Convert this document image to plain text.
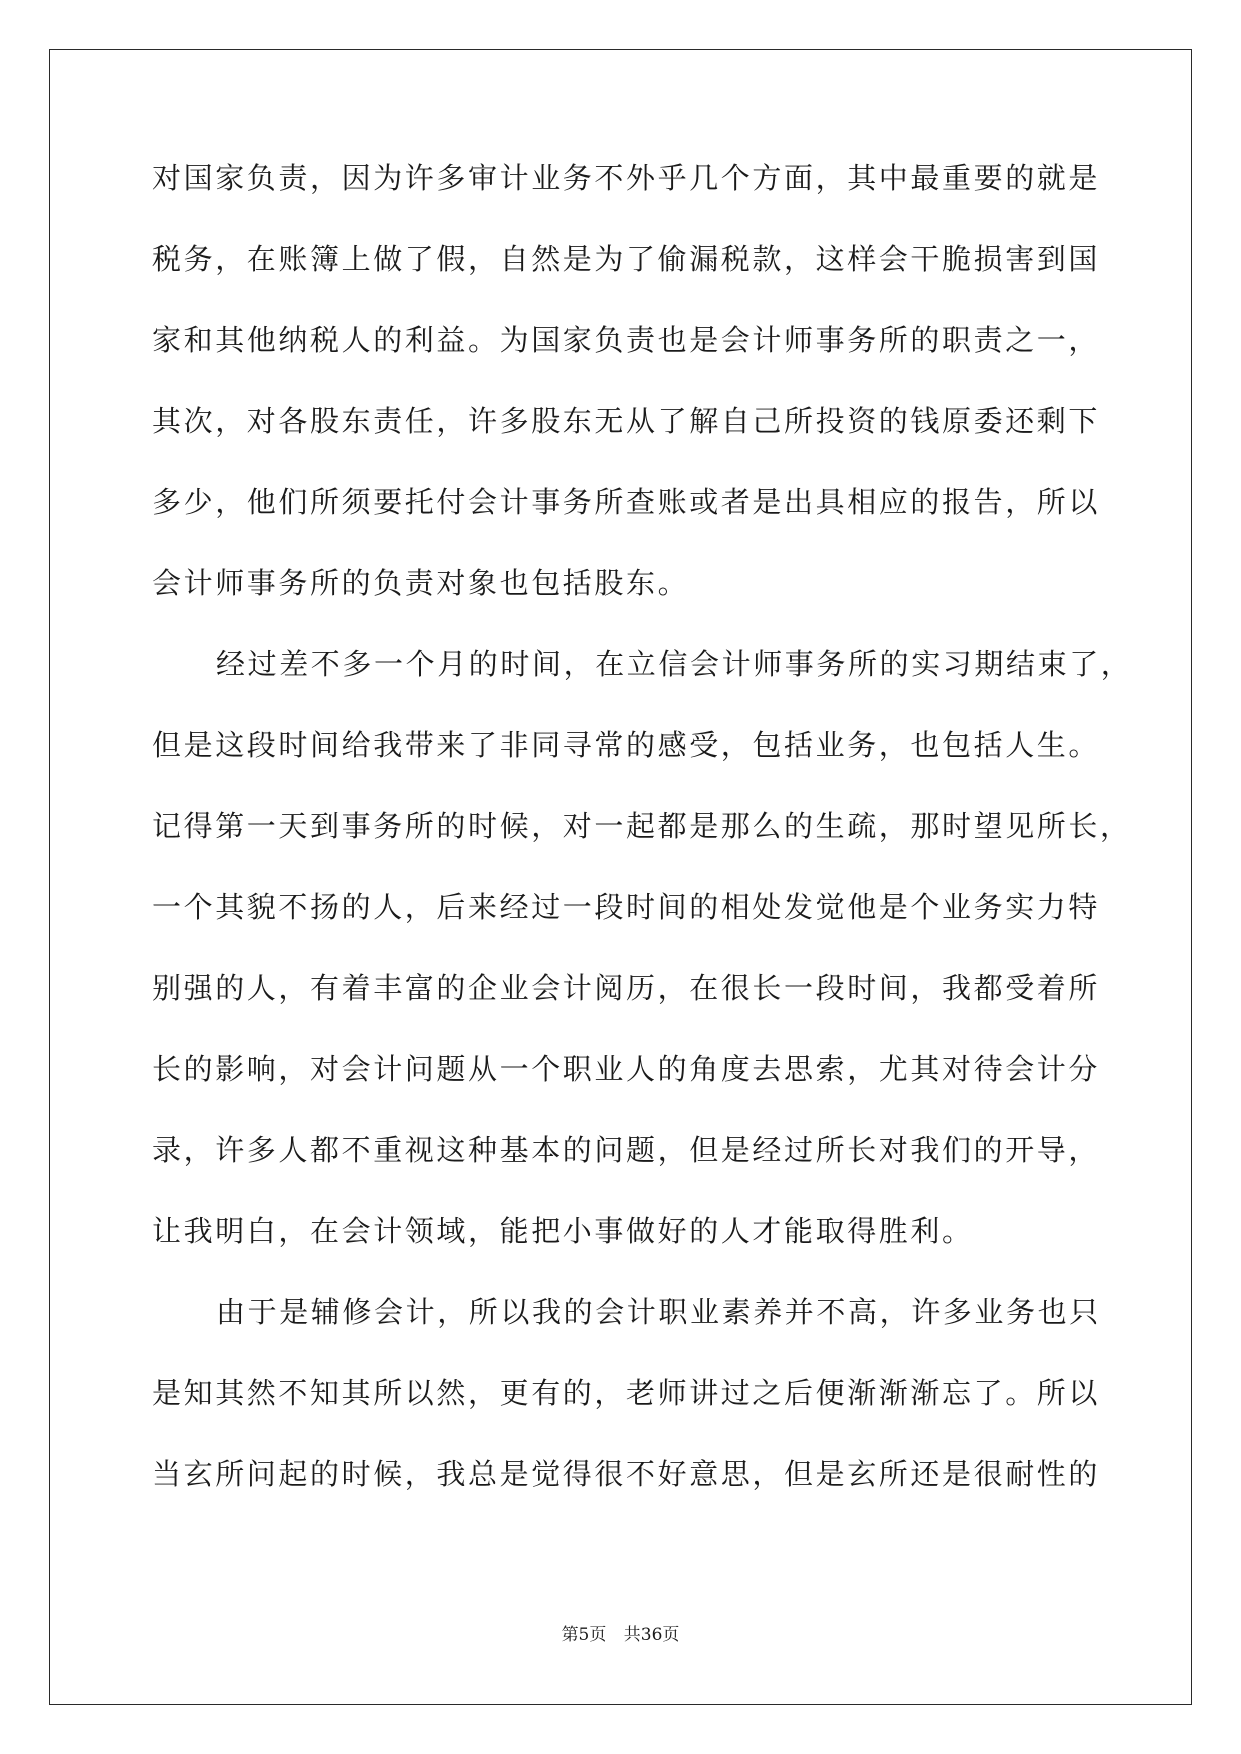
对国家负责，因为许多审计业务不外乎几个方面，其中最重要的就是
税务，在账簿上做了假，自然是为了偷漏税款，这样会干脆损害到国
家和其他纳税人的利益。为国家负责也是会计师事务所的职责之一，
其次，对各股东责任，许多股东无从了解自己所投资的钱原委还剩下
多少，他们所须要托付会计事务所查账或者是出具相应的报告，所以
会计师事务所的负责对象也包括股东。
经过差不多一个月的时间，在立信会计师事务所的实习期结束了，
但是这段时间给我带来了非同寻常的感受，包括业务，也包括人生。
记得第一天到事务所的时候，对一起都是那么的生疏，那时望见所长，
一个其貌不扬的人，后来经过一段时间的相处发觉他是个业务实力特
别强的人，有着丰富的企业会计阅历，在很长一段时间，我都受着所
长的影响，对会计问题从一个职业人的角度去思索，尤其对待会计分
录，许多人都不重视这种基本的问题，但是经过所长对我们的开导，
让我明白，在会计领域，能把小事做好的人才能取得胜利。
由于是辅修会计，所以我的会计职业素养并不高，许多业务也只
是知其然不知其所以然，更有的，老师讲过之后便渐渐渐忘了。所以
当玄所问起的时候，我总是觉得很不好意思，但是玄所还是很耐性的
第5页 共36页
